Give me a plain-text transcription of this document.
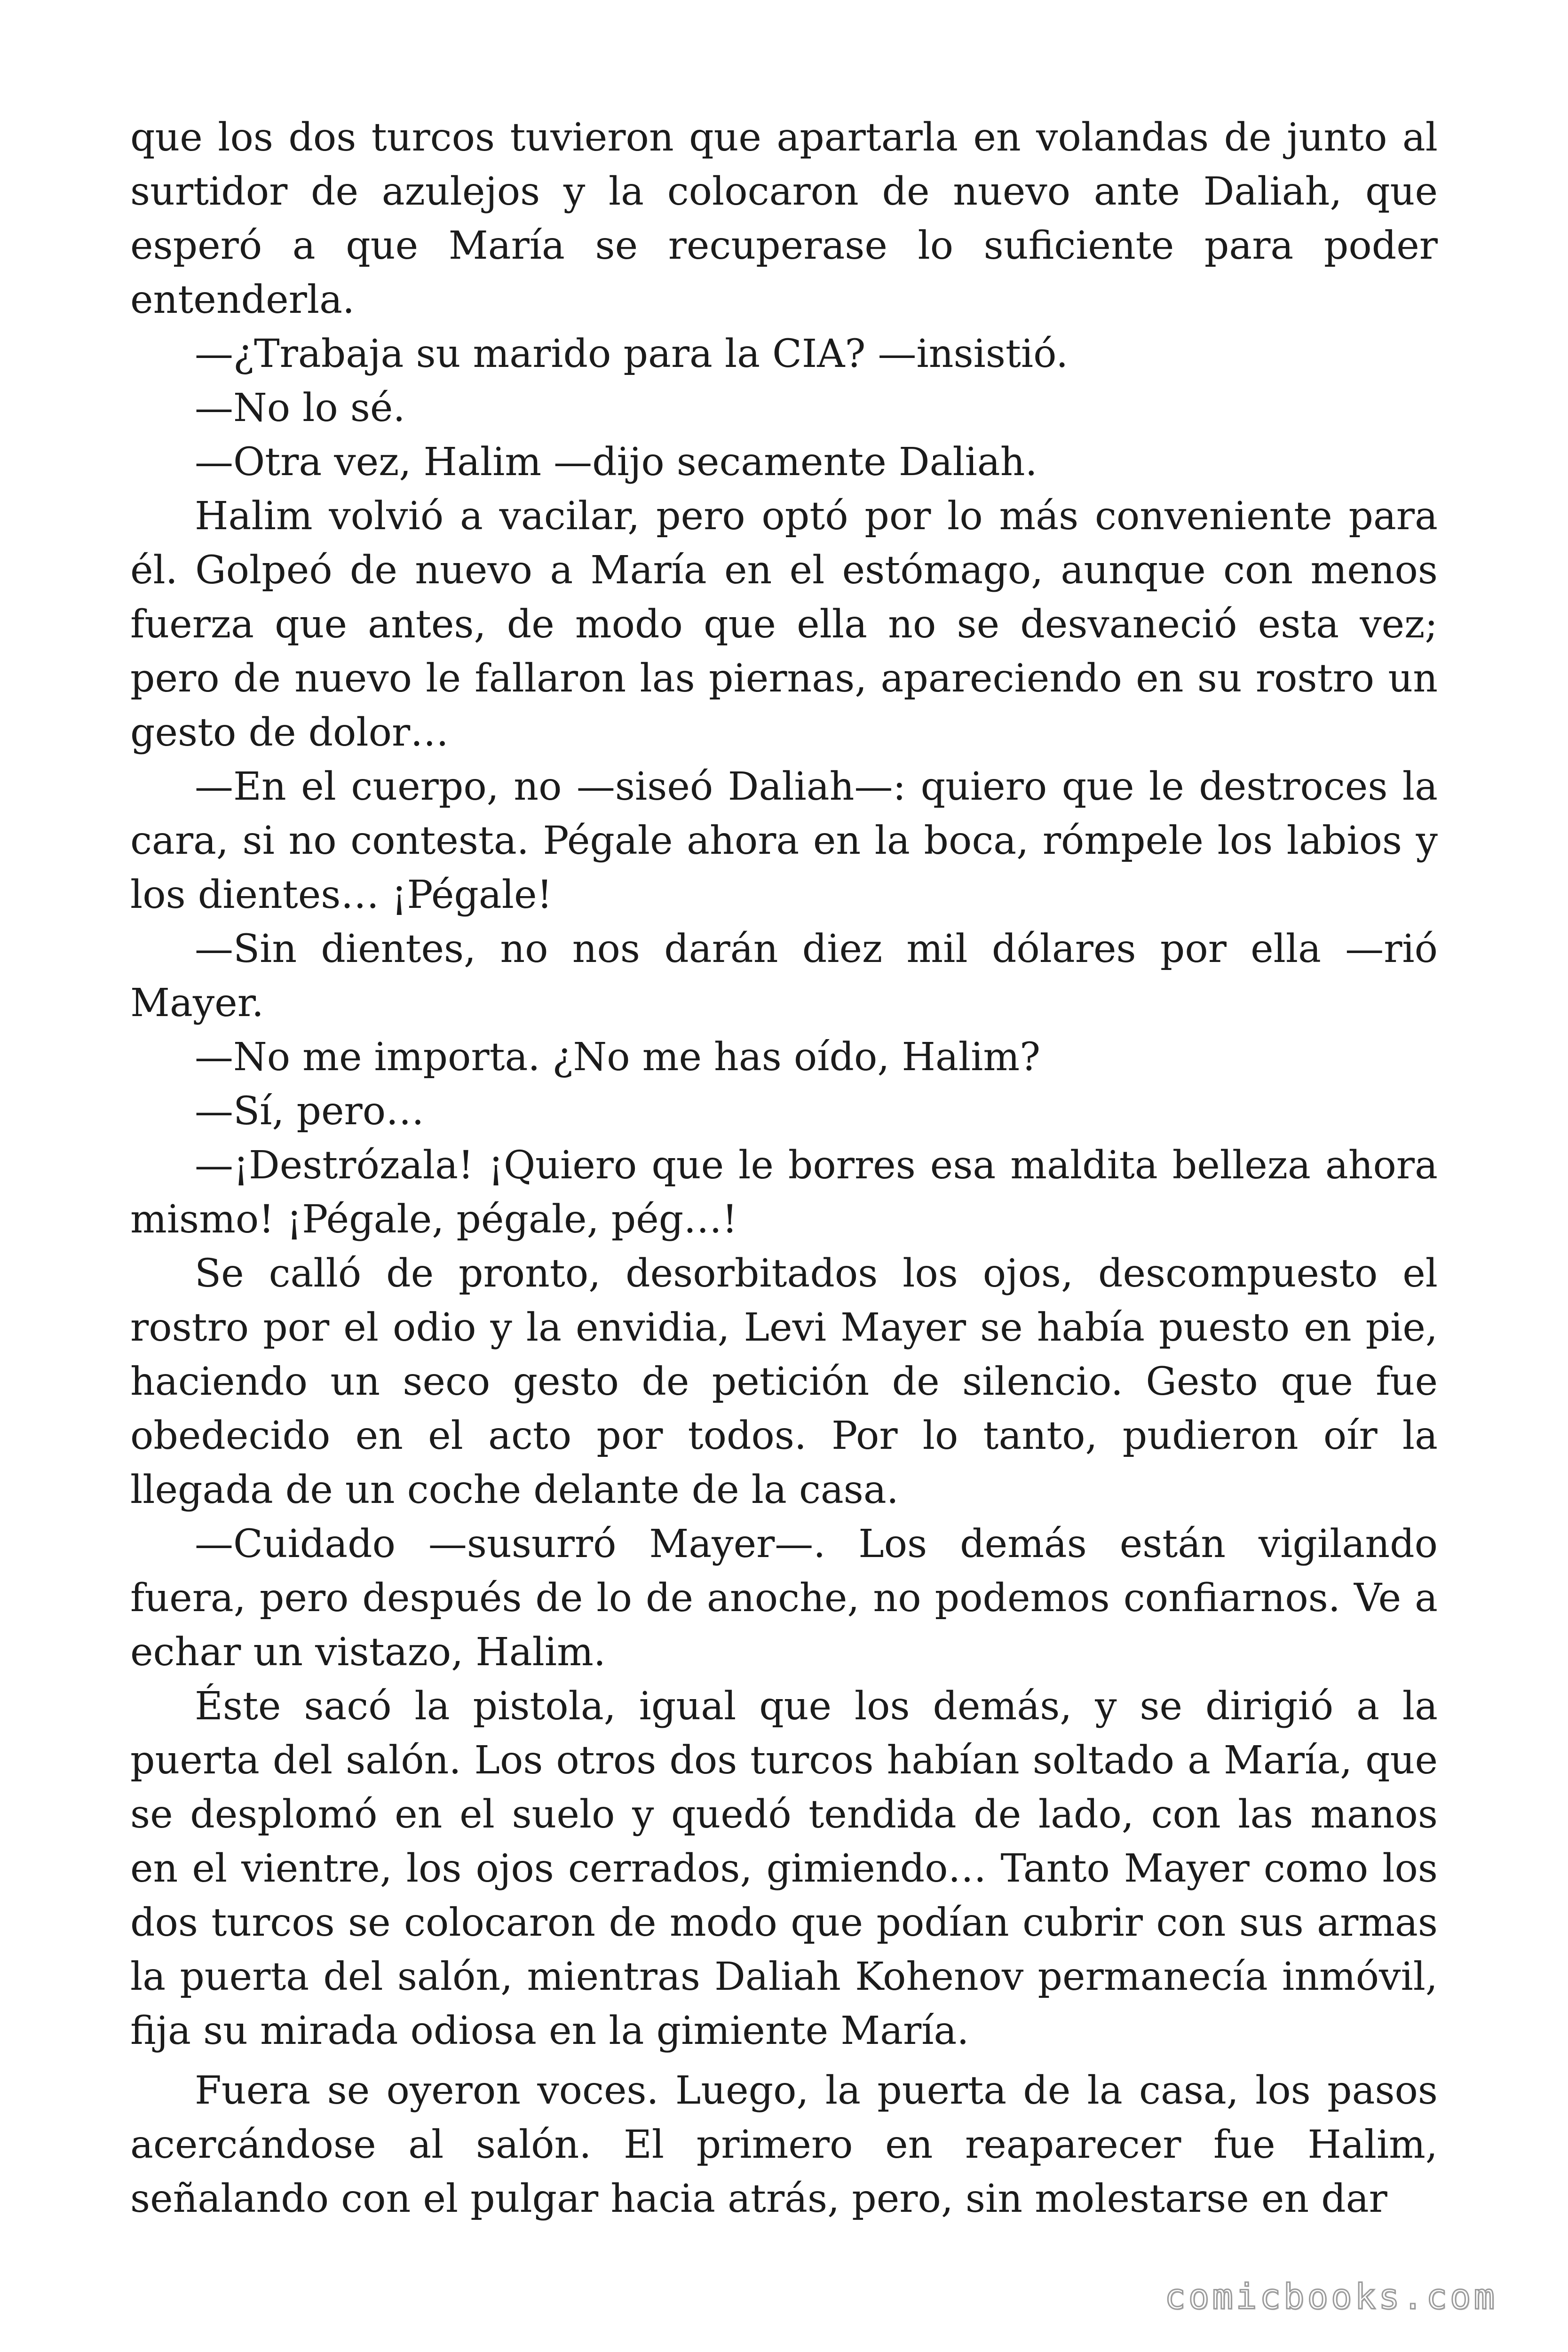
que los dos turcos tuvieron que apartarla en volandas de junto al surtidor de azulejos y la colocaron de nuevo ante Daliah, que esperó a que María se recuperase lo suficiente para poder entenderla.

—¿Trabaja su marido para la CIA? —insistió.

—No lo sé.

—Otra vez, Halim —dijo secamente Daliah.

Halim volvió a vacilar, pero optó por lo más conveniente para él. Golpeó de nuevo a María en el estómago, aunque con menos fuerza que antes, de modo que ella no se desvaneció esta vez; pero de nuevo le fallaron las piernas, apareciendo en su rostro un gesto de dolor…

—En el cuerpo, no —siseó Daliah—: quiero que le destroces la cara, si no contesta. Pégale ahora en la boca, rómpele los labios y los dientes… ¡Pégale!

—Sin dientes, no nos darán diez mil dólares por ella —rió Mayer.

—No me importa. ¿No me has oído, Halim?

—Sí, pero…

—¡Destrózala! ¡Quiero que le borres esa maldita belleza ahora mismo! ¡Pégale, pégale, pég…!

Se calló de pronto, desorbitados los ojos, descompuesto el rostro por el odio y la envidia, Levi Mayer se había puesto en pie, haciendo un seco gesto de petición de silencio. Gesto que fue obedecido en el acto por todos. Por lo tanto, pudieron oír la llegada de un coche delante de la casa.

—Cuidado —susurró Mayer—. Los demás están vigilando fuera, pero después de lo de anoche, no podemos confiarnos. Ve a echar un vistazo, Halim.

Éste sacó la pistola, igual que los demás, y se dirigió a la puerta del salón. Los otros dos turcos habían soltado a María, que se desplomó en el suelo y quedó tendida de lado, con las manos en el vientre, los ojos cerrados, gimiendo… Tanto Mayer como los dos turcos se colocaron de modo que podían cubrir con sus armas la puerta del salón, mientras Daliah Kohenov permanecía inmóvil, fija su mirada odiosa en la gimiente María.

Fuera se oyeron voces. Luego, la puerta de la casa, los pasos acercándose al salón. El primero en reaparecer fue Halim, señalando con el pulgar hacia atrás, pero, sin molestarse en dar

comicbooks.com
